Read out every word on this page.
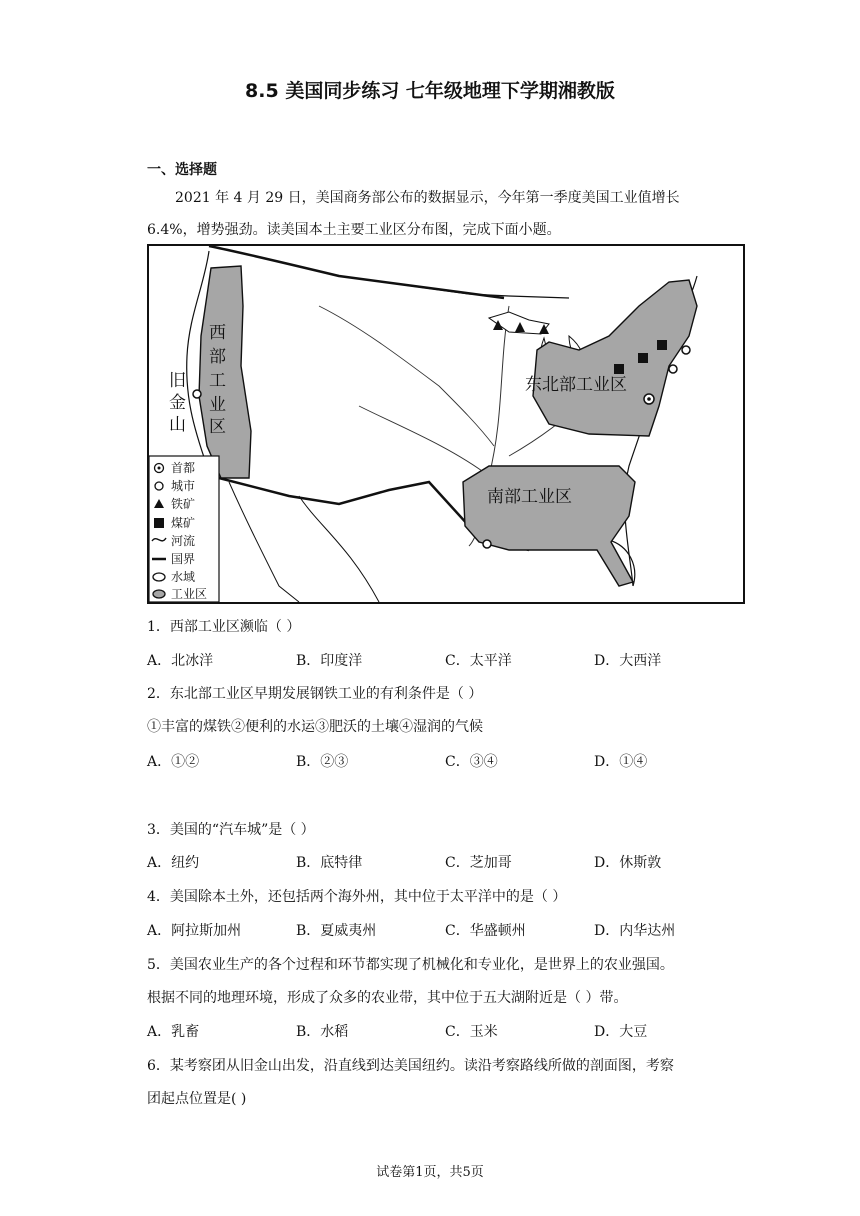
8.5 美国同步练习 七年级地理下学期湘教版
一、选择题
2021 年 4 月 29 日，美国商务部公布的数据显示，今年第一季度美国工业值增长
6.4%，增势强劲。读美国本土主要工业区分布图，完成下面小题。
西
部
工
业
区
旧
金
山
东北部工业区
南部工业区
首都
城市
铁矿
煤矿
河流
国界
水域
工业区
1．西部工业区濒临（ ）
A．北冰洋	B．印度洋	C．太平洋	D．大西洋
2．东北部工业区早期发展钢铁工业的有利条件是（ ）
①丰富的煤铁②便利的水运③肥沃的土壤④湿润的气候
A．①②	B．②③	C．③④	D．①④
3．美国的“汽车城”是（ ）
A．纽约	B．底特律	C．芝加哥	D．休斯敦
4．美国除本土外，还包括两个海外州，其中位于太平洋中的是（ ）
A．阿拉斯加州	B．夏威夷州	C．华盛顿州	D．内华达州
5．美国农业生产的各个过程和环节都实现了机械化和专业化，是世界上的农业强国。
根据不同的地理环境，形成了众多的农业带，其中位于五大湖附近是（ ）带。
A．乳畜	B．水稻	C．玉米	D．大豆
6．某考察团从旧金山出发，沿直线到达美国纽约。读沿考察路线所做的剖面图，考察
团起点位置是( )
试卷第1页，共5页
